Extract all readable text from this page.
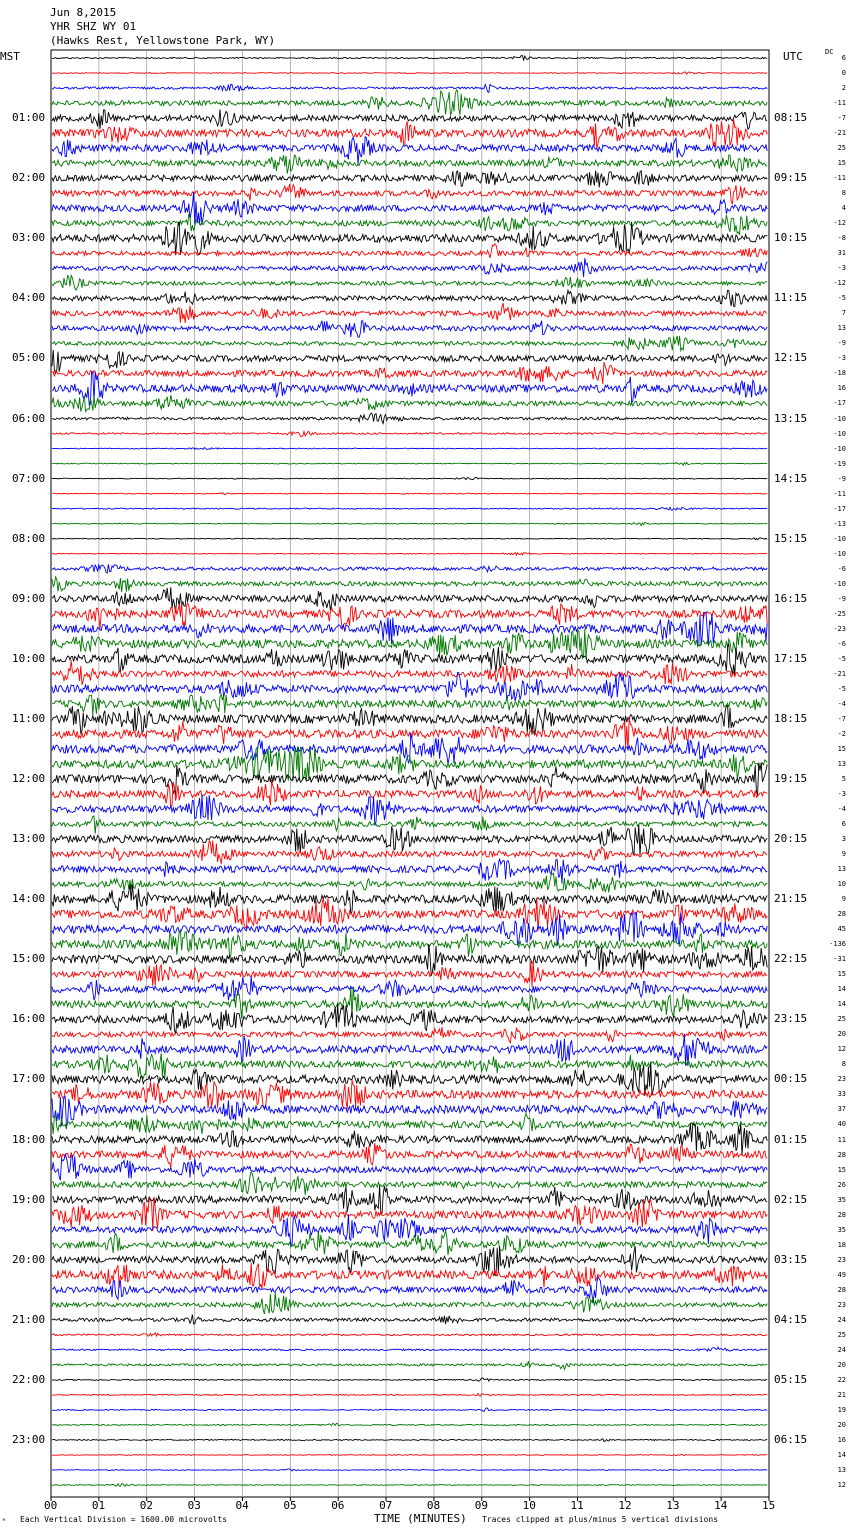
Jun 8,2015
YHR SHZ WY 01
(Hawks Rest, Yellowstone Park, WY)
MST	UTC	DC
00	01	02	03	04	05	06	07	08	09	10	11	12	13	14	15
01:00
02:00
03:00
04:00
05:00
06:00
07:00
08:00
09:00
10:00
11:00
12:00
13:00
14:00
15:00
16:00
17:00
18:00
19:00
20:00
21:00
22:00
23:00
08:15
09:15
10:15
11:15
12:15
13:15
14:15
15:15
16:15
17:15
18:15
19:15
20:15
21:15
22:15
23:15
00:15
01:15
02:15
03:15
04:15
05:15
06:15
6
0
2
-11
-7
-21
25
15
-11
8
4
-12
-8
31
-3
-12
-5
7
13
-9
-3
-18
16
-17
-10
-10
-10
-19
-9
-11
-17
-13
-10
-10
-6
-10
-9
-25
-23
-6
-5
-21
-5
-4
-7
-2
15
13
5
-3
-4
6
3
9
13
10
9
28
45
-136
-31
15
14
14
25
20
12
8
23
33
37
40
11
28
15
26
35
28
35
18
23
49
28
23
24
25
24
20
22
21
19
20
16
14
13
12
ᴹ Each Vertical Division = 1600.00 microvolts	TIME (MINUTES) Traces clipped at plus/minus 5 vertical divisions
